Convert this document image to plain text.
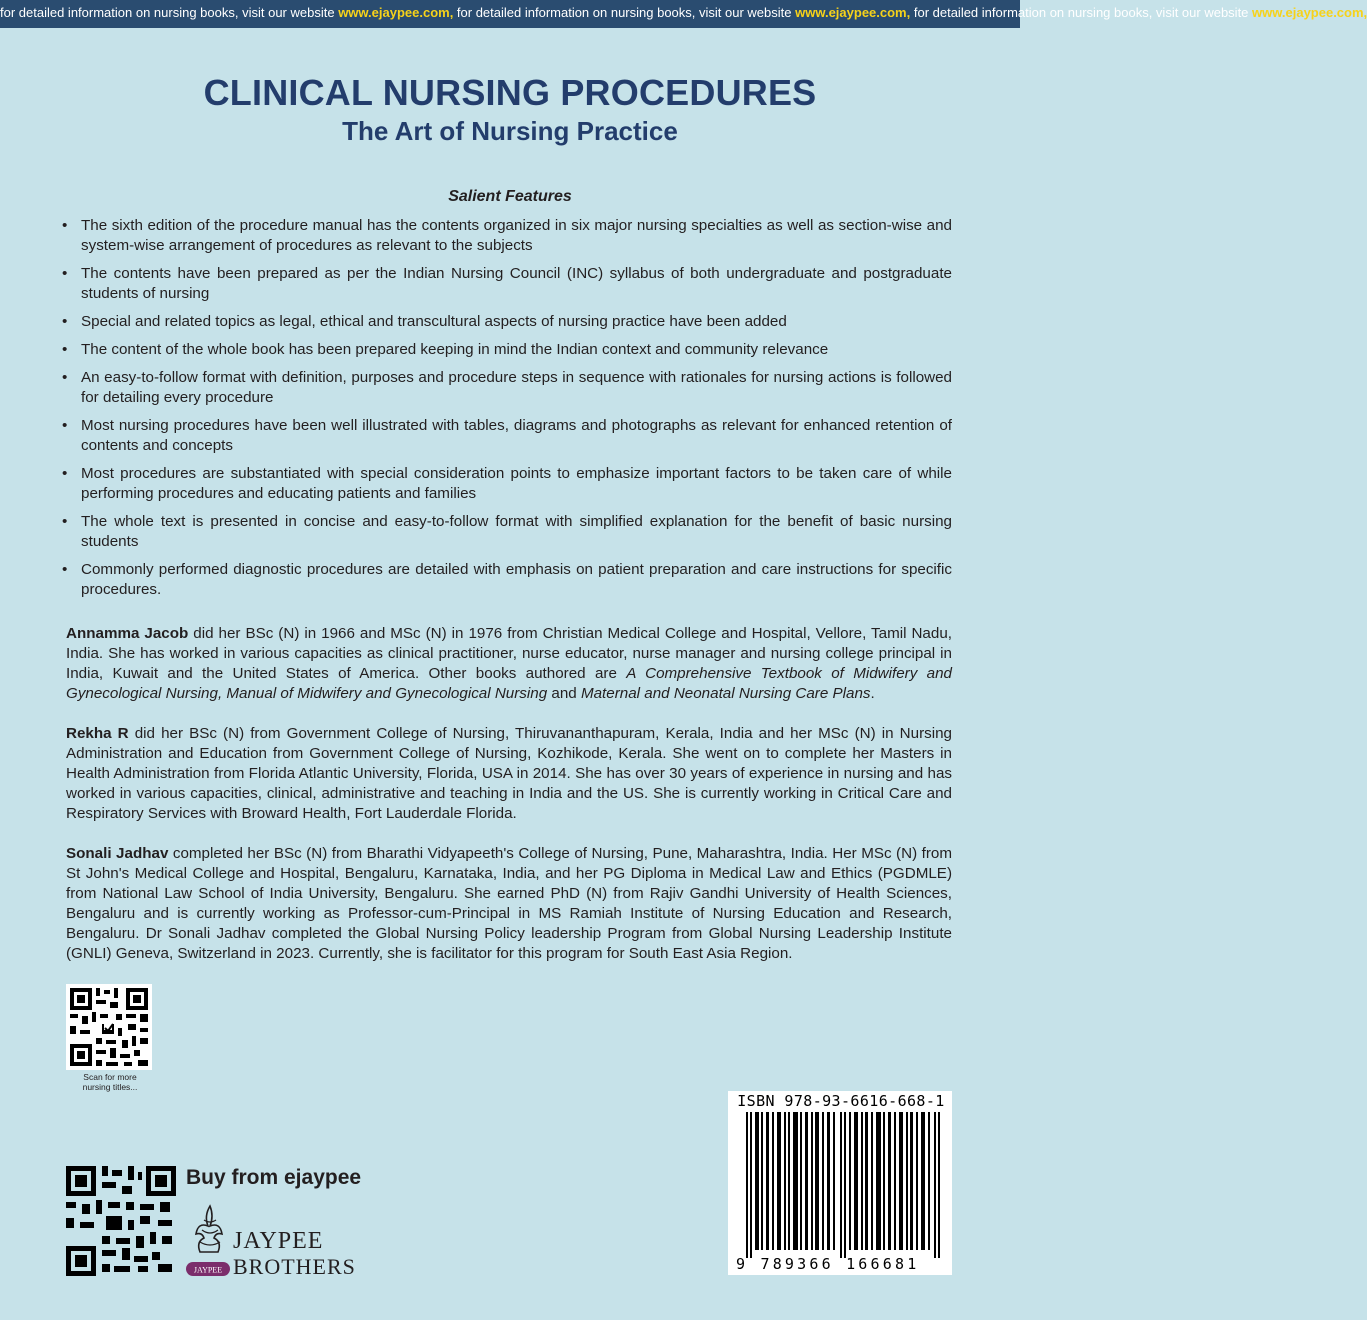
for detailed information on nursing books, visit our website www.ejaypee.com, for detailed information on nursing books, visit our website www.ejaypee.com, for detailed information on nursing books, visit our website www.ejaypee.com,
CLINICAL NURSING PROCEDURES
The Art of Nursing Practice
Salient Features
• The sixth edition of the procedure manual has the contents organized in six major nursing specialties as well as section-wise and system-wise arrangement of procedures as relevant to the subjects
• The contents have been prepared as per the Indian Nursing Council (INC) syllabus of both undergraduate and postgraduate students of nursing
• Special and related topics as legal, ethical and transcultural aspects of nursing practice have been added
• The content of the whole book has been prepared keeping in mind the Indian context and community relevance
• An easy-to-follow format with definition, purposes and procedure steps in sequence with rationales for nursing actions is followed for detailing every procedure
• Most nursing procedures have been well illustrated with tables, diagrams and photographs as relevant for enhanced retention of contents and concepts
• Most procedures are substantiated with special consideration points to emphasize important factors to be taken care of while performing procedures and educating patients and families
• The whole text is presented in concise and easy-to-follow format with simplified explanation for the benefit of basic nursing students
• Commonly performed diagnostic procedures are detailed with emphasis on patient preparation and care instructions for specific procedures.

Annamma Jacob did her BSc (N) in 1966 and MSc (N) in 1976 from Christian Medical College and Hospital, Vellore, Tamil Nadu, India. She has worked in various capacities as clinical practitioner, nurse educator, nurse manager and nursing college principal in India, Kuwait and the United States of America. Other books authored are A Comprehensive Textbook of Midwifery and Gynecological Nursing, Manual of Midwifery and Gynecological Nursing and Maternal and Neonatal Nursing Care Plans.

Rekha R did her BSc (N) from Government College of Nursing, Thiruvananthapuram, Kerala, India and her MSc (N) in Nursing Administration and Education from Government College of Nursing, Kozhikode, Kerala. She went on to complete her Masters in Health Administration from Florida Atlantic University, Florida, USA in 2014. She has over 30 years of experience in nursing and has worked in various capacities, clinical, administrative and teaching in India and the US. She is currently working in Critical Care and Respiratory Services with Broward Health, Fort Lauderdale Florida.

Sonali Jadhav completed her BSc (N) from Bharathi Vidyapeeth's College of Nursing, Pune, Maharashtra, India. Her MSc (N) from St John's Medical College and Hospital, Bengaluru, Karnataka, India, and her PG Diploma in Medical Law and Ethics (PGDMLE) from National Law School of India University, Bengaluru. She earned PhD (N) from Rajiv Gandhi University of Health Sciences, Bengaluru and is currently working as Professor-cum-Principal in MS Ramiah Institute of Nursing Education and Research, Bengaluru. Dr Sonali Jadhav completed the Global Nursing Policy leadership Program from Global Nursing Leadership Institute (GNLI) Geneva, Switzerland in 2023. Currently, she is facilitator for this program for South East Asia Region.

Scan for more
nursing titles...
Buy from ejaypee
JAYPEE
JAYPEE
BROTHERS
ISBN 978-93-6616-668-1
9 789366 166681
